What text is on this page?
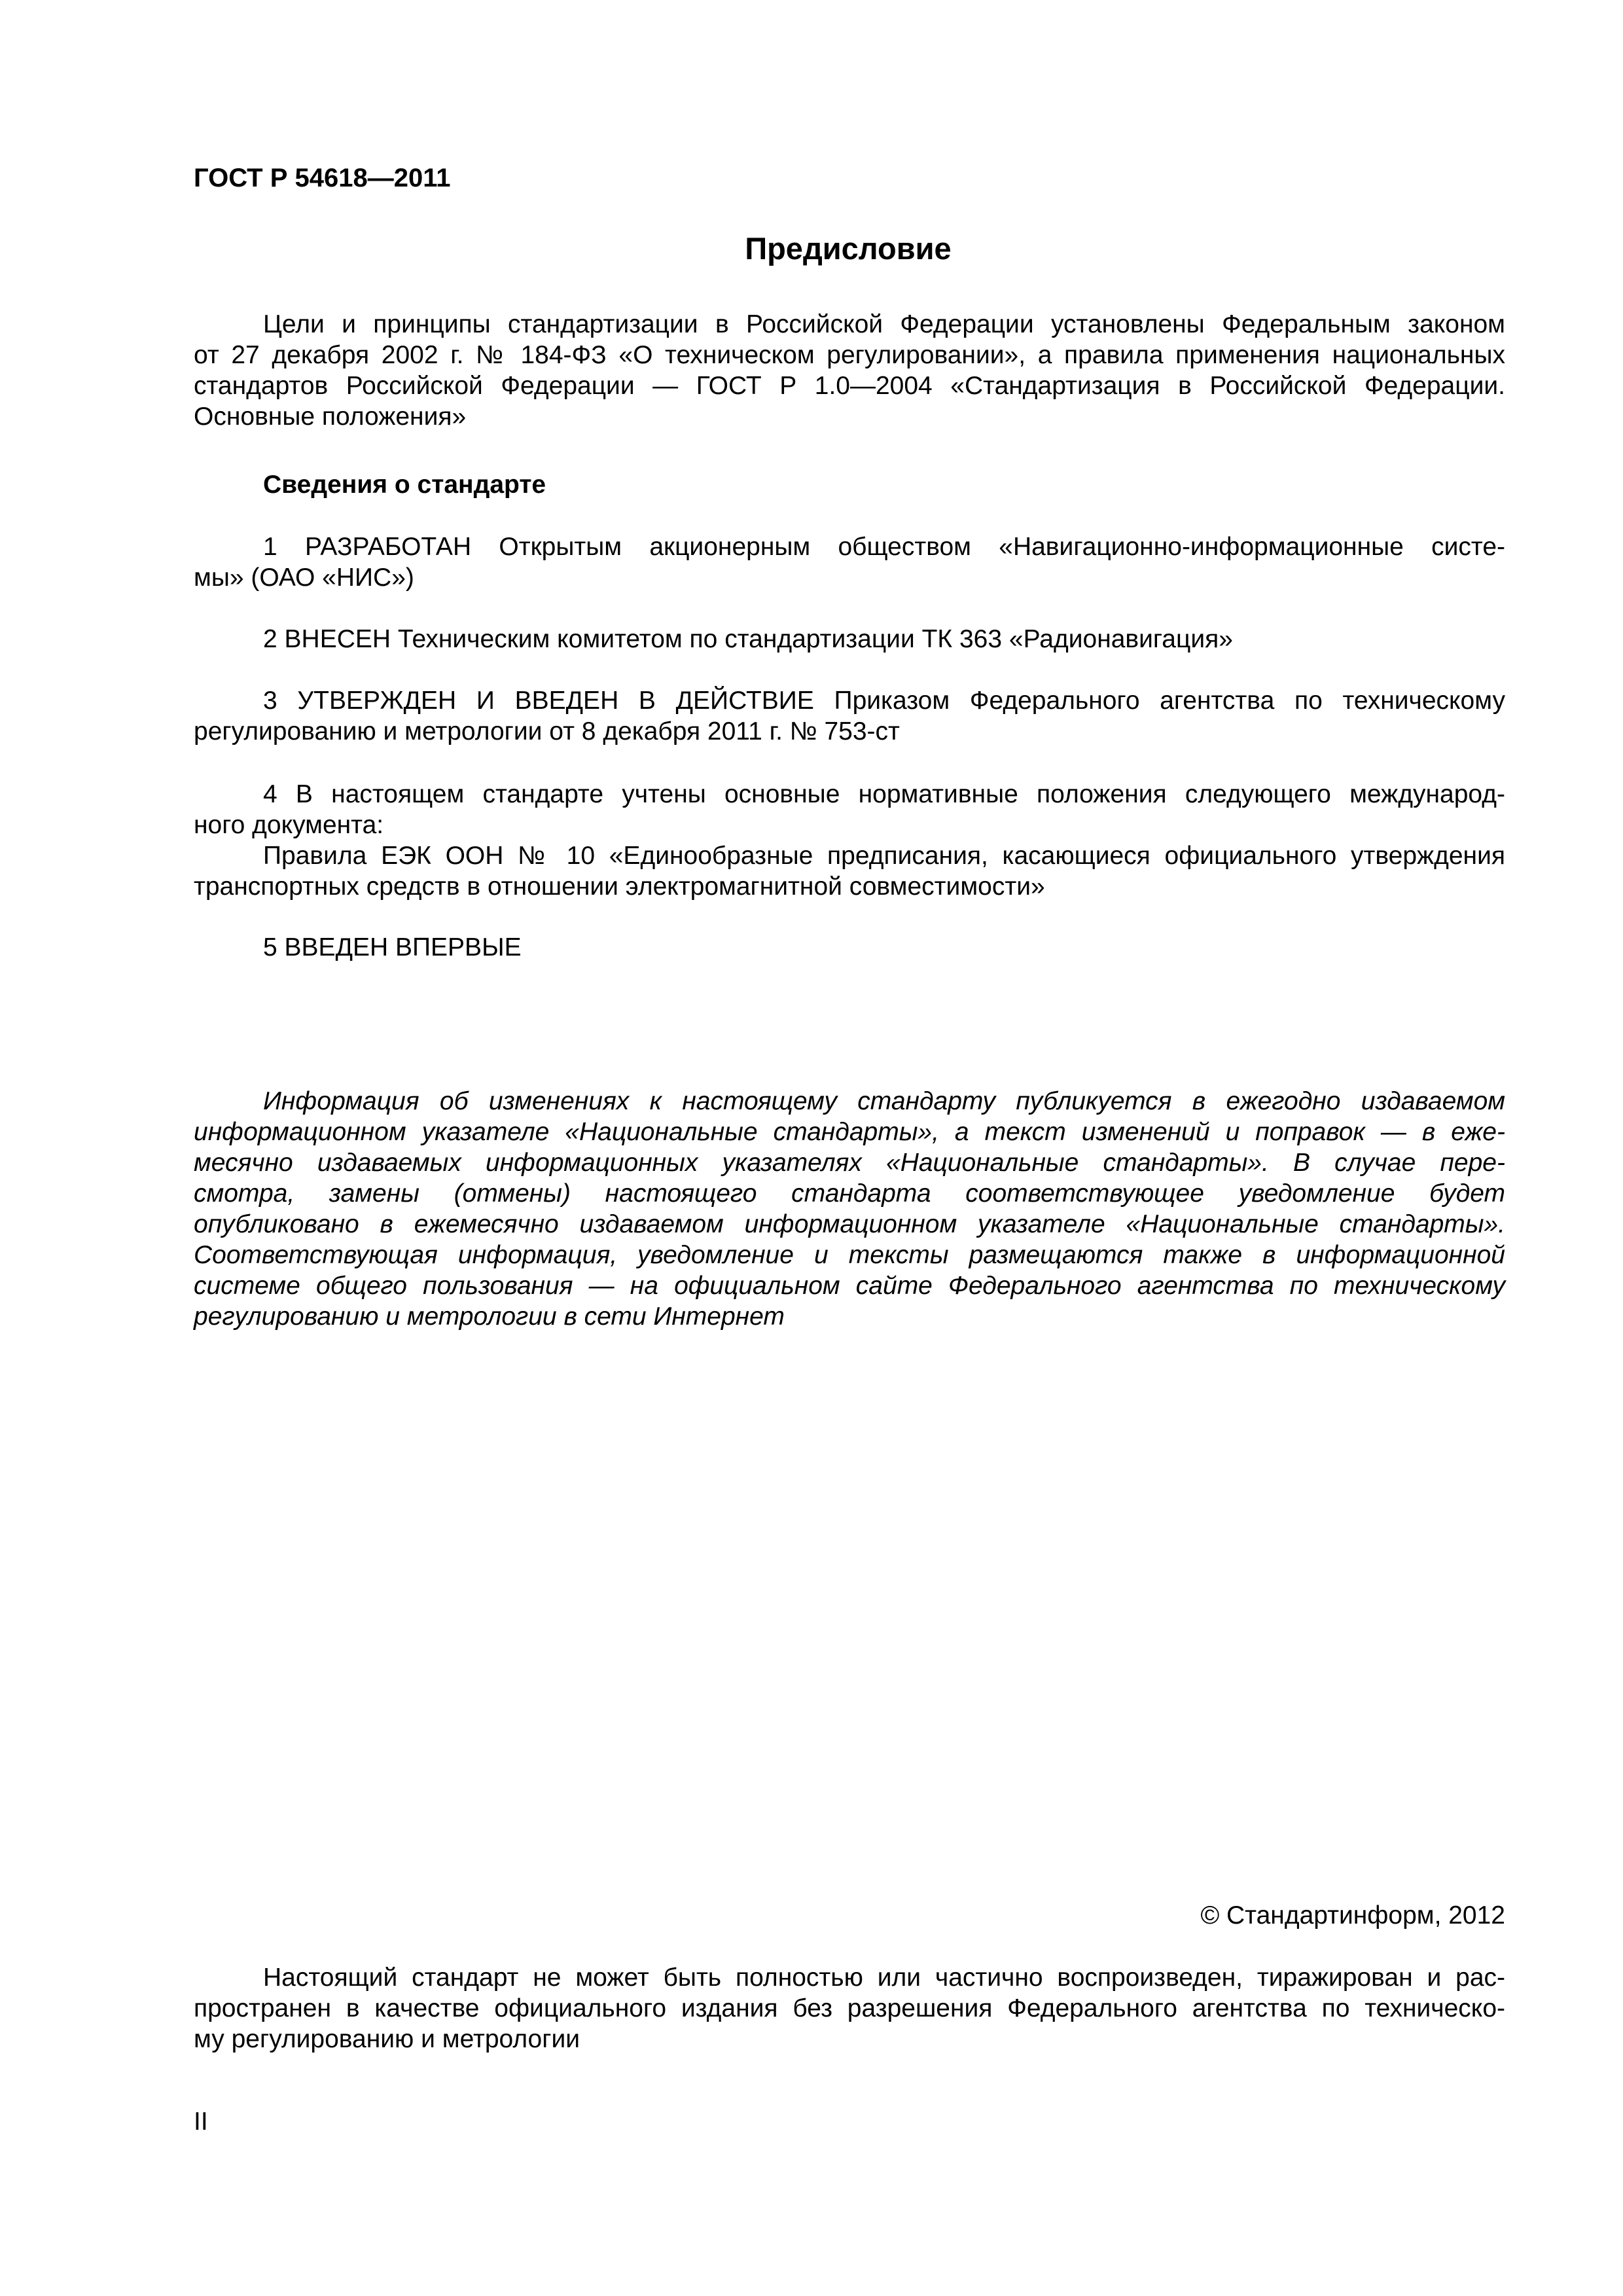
ГОСТ Р 54618—2011
Предисловие
Цели и принципы стандартизации в Российской Федерации установлены Федеральным законом
от 27 декабря 2002 г. № 184-ФЗ «О техническом регулировании», а правила применения национальных
стандартов Российской Федерации — ГОСТ Р 1.0—2004 «Стандартизация в Российской Федерации.
Основные положения»
Сведения о стандарте
1 РАЗРАБОТАН Открытым акционерным обществом «Навигационно-информационные систе-
мы» (ОАО «НИС»)
2 ВНЕСЕН Техническим комитетом по стандартизации ТК 363 «Радионавигация»
3 УТВЕРЖДЕН И ВВЕДЕН В ДЕЙСТВИЕ Приказом Федерального агентства по техническому
регулированию и метрологии от 8 декабря 2011 г. № 753-ст
4 В настоящем стандарте учтены основные нормативные положения следующего международ-
ного документа:
Правила ЕЭК ООН № 10 «Единообразные предписания, касающиеся официального утверждения
транспортных средств в отношении электромагнитной совместимости»
5 ВВЕДЕН ВПЕРВЫЕ
Информация об изменениях к настоящему стандарту публикуется в ежегодно издаваемом
информационном указателе «Национальные стандарты», а текст изменений и поправок — в еже-
месячно издаваемых информационных указателях «Национальные стандарты». В случае пере-
смотра, замены (отмены) настоящего стандарта соответствующее уведомление будет
опубликовано в ежемесячно издаваемом информационном указателе «Национальные стандарты».
Соответствующая информация, уведомление и тексты размещаются также в информационной
системе общего пользования — на официальном сайте Федерального агентства по техническому
регулированию и метрологии в сети Интернет
© Стандартинформ, 2012
Настоящий стандарт не может быть полностью или частично воспроизведен, тиражирован и рас-
пространен в качестве официального издания без разрешения Федерального агентства по техническо-
му регулированию и метрологии
II
